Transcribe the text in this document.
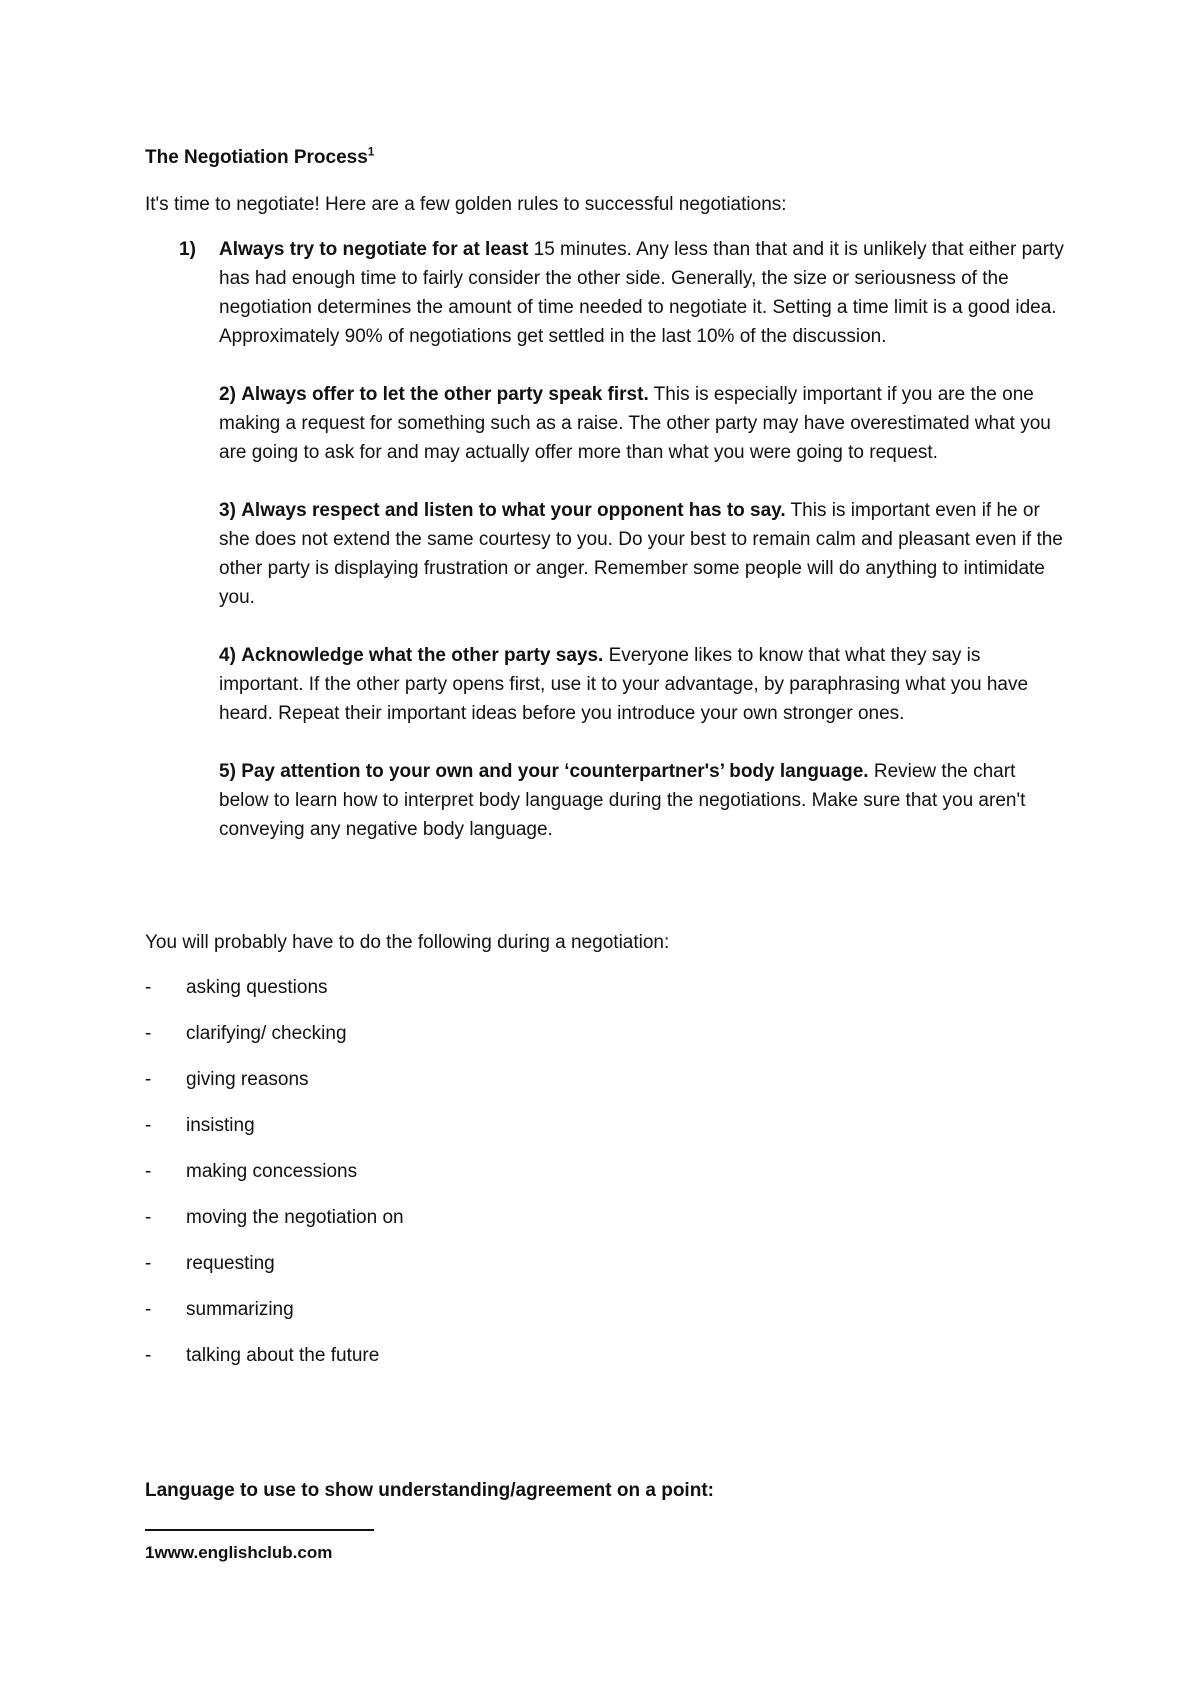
The Negotiation Process$^1$
It's time to negotiate! Here are a few golden rules to successful negotiations:
1) Always try to negotiate for at least 15 minutes. Any less than that and it is unlikely that either party has had enough time to fairly consider the other side. Generally, the size or seriousness of the negotiation determines the amount of time needed to negotiate it. Setting a time limit is a good idea. Approximately 90% of negotiations get settled in the last 10% of the discussion.
2) Always offer to let the other party speak first. This is especially important if you are the one making a request for something such as a raise. The other party may have overestimated what you are going to ask for and may actually offer more than what you were going to request.
3) Always respect and listen to what your opponent has to say. This is important even if he or she does not extend the same courtesy to you. Do your best to remain calm and pleasant even if the other party is displaying frustration or anger. Remember some people will do anything to intimidate you.
4) Acknowledge what the other party says. Everyone likes to know that what they say is important. If the other party opens first, use it to your advantage, by paraphrasing what you have heard. Repeat their important ideas before you introduce your own stronger ones.
5) Pay attention to your own and your ‘counterpartner's’ body language. Review the chart below to learn how to interpret body language during the negotiations. Make sure that you aren't conveying any negative body language.
You will probably have to do the following during a negotiation:
- asking questions
- clarifying/ checking
- giving reasons
- insisting
- making concessions
- moving the negotiation on
- requesting
- summarizing
- talking about the future
Language to use to show understanding/agreement on a point:
1www.englishclub.com
